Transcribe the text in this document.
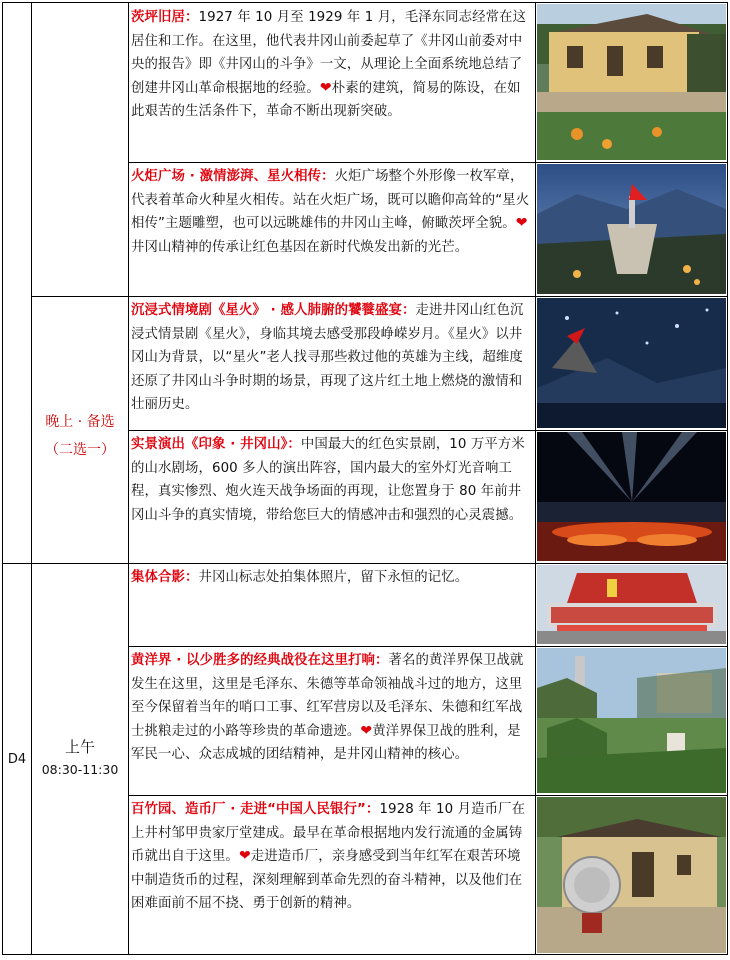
晚上 · 备选
（二选一）
D4
上午
08:30-11:30
茨坪旧居：1927 年 10 月至 1929 年 1 月，毛泽东同志经常在这居住和工作。在这里，他代表井冈山前委起草了《井冈山前委对中央的报告》即《井冈山的斗争》一文，从理论上全面系统地总结了创建井冈山革命根据地的经验。❤朴素的建筑，简易的陈设，在如此艰苦的生活条件下，革命不断出现新突破。
火炬广场 · 激情澎湃、星火相传：火炬广场整个外形像一枚军章，代表着革命火种星火相传。站在火炬广场，既可以瞻仰高耸的“星火相传”主题雕塑，也可以远眺雄伟的井冈山主峰，俯瞰茨坪全貌。❤井冈山精神的传承让红色基因在新时代焕发出新的光芒。
沉浸式情境剧《星火》 · 感人肺腑的饕餮盛宴：走进井冈山红色沉浸式情景剧《星火》，身临其境去感受那段峥嵘岁月。《星火》以井冈山为背景，以“星火”老人找寻那些救过他的英雄为主线，超维度还原了井冈山斗争时期的场景，再现了这片红土地上燃烧的激情和壮丽历史。
实景演出《印象 · 井冈山》：中国最大的红色实景剧，10 万平方米的山水剧场，600 多人的演出阵容，国内最大的室外灯光音响工程，真实惨烈、炮火连天战争场面的再现，让您置身于 80 年前井冈山斗争的真实情境，带给您巨大的情感冲击和强烈的心灵震撼。
集体合影：井冈山标志处拍集体照片，留下永恒的记忆。
黄洋界 · 以少胜多的经典战役在这里打响：著名的黄洋界保卫战就发生在这里，这里是毛泽东、朱德等革命领袖战斗过的地方，这里至今保留着当年的哨口工事、红军营房以及毛泽东、朱德和红军战士挑粮走过的小路等珍贵的革命遗迹。❤黄洋界保卫战的胜利，是军民一心、众志成城的团结精神，是井冈山精神的核心。
百竹园、造币厂 · 走进“中国人民银行”：1928 年 10 月造币厂在上井村邹甲贵家厅堂建成。最早在革命根据地内发行流通的金属铸币就出自于这里。❤走进造币厂，亲身感受到当年红军在艰苦环境中制造货币的过程，深刻理解到革命先烈的奋斗精神，以及他们在困难面前不屈不挠、勇于创新的精神。
